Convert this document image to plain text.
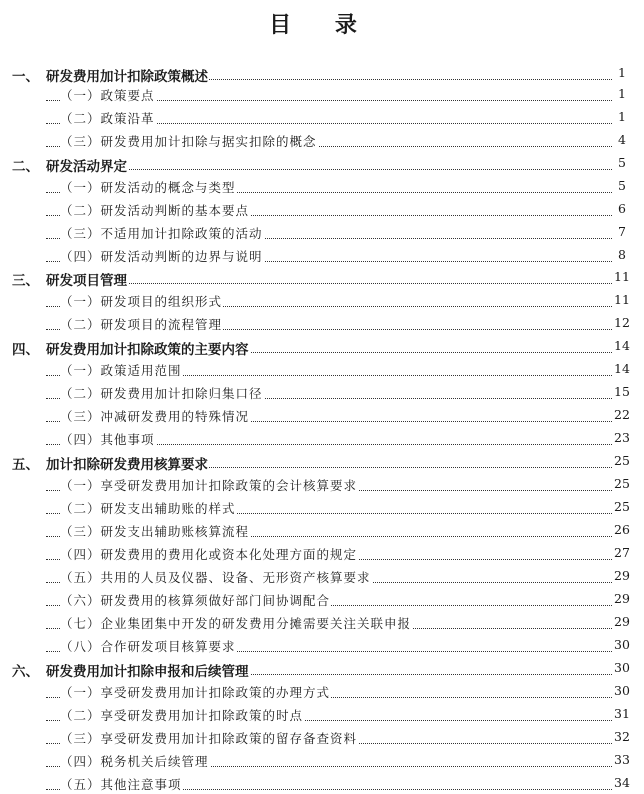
目 录
一、 研发费用加计扣除政策概述	1
（一）政策要点	1
（二）政策沿革	1
（三）研发费用加计扣除与据实扣除的概念	4
二、 研发活动界定	5
（一）研发活动的概念与类型	5
（二）研发活动判断的基本要点	6
（三）不适用加计扣除政策的活动	7
（四）研发活动判断的边界与说明	8
三、 研发项目管理	11
（一）研发项目的组织形式	11
（二）研发项目的流程管理	12
四、 研发费用加计扣除政策的主要内容	14
（一）政策适用范围	14
（二）研发费用加计扣除归集口径	15
（三）冲减研发费用的特殊情况	22
（四）其他事项	23
五、 加计扣除研发费用核算要求	25
（一）享受研发费用加计扣除政策的会计核算要求	25
（二）研发支出辅助账的样式	25
（三）研发支出辅助账核算流程	26
（四）研发费用的费用化或资本化处理方面的规定	27
（五）共用的人员及仪器、设备、无形资产核算要求	29
（六）研发费用的核算须做好部门间协调配合	29
（七）企业集团集中开发的研发费用分摊需要关注关联申报	29
（八）合作研发项目核算要求	30
六、 研发费用加计扣除申报和后续管理	30
（一）享受研发费用加计扣除政策的办理方式	30
（二）享受研发费用加计扣除政策的时点	31
（三）享受研发费用加计扣除政策的留存备查资料	32
（四）税务机关后续管理	33
（五）其他注意事项	34
